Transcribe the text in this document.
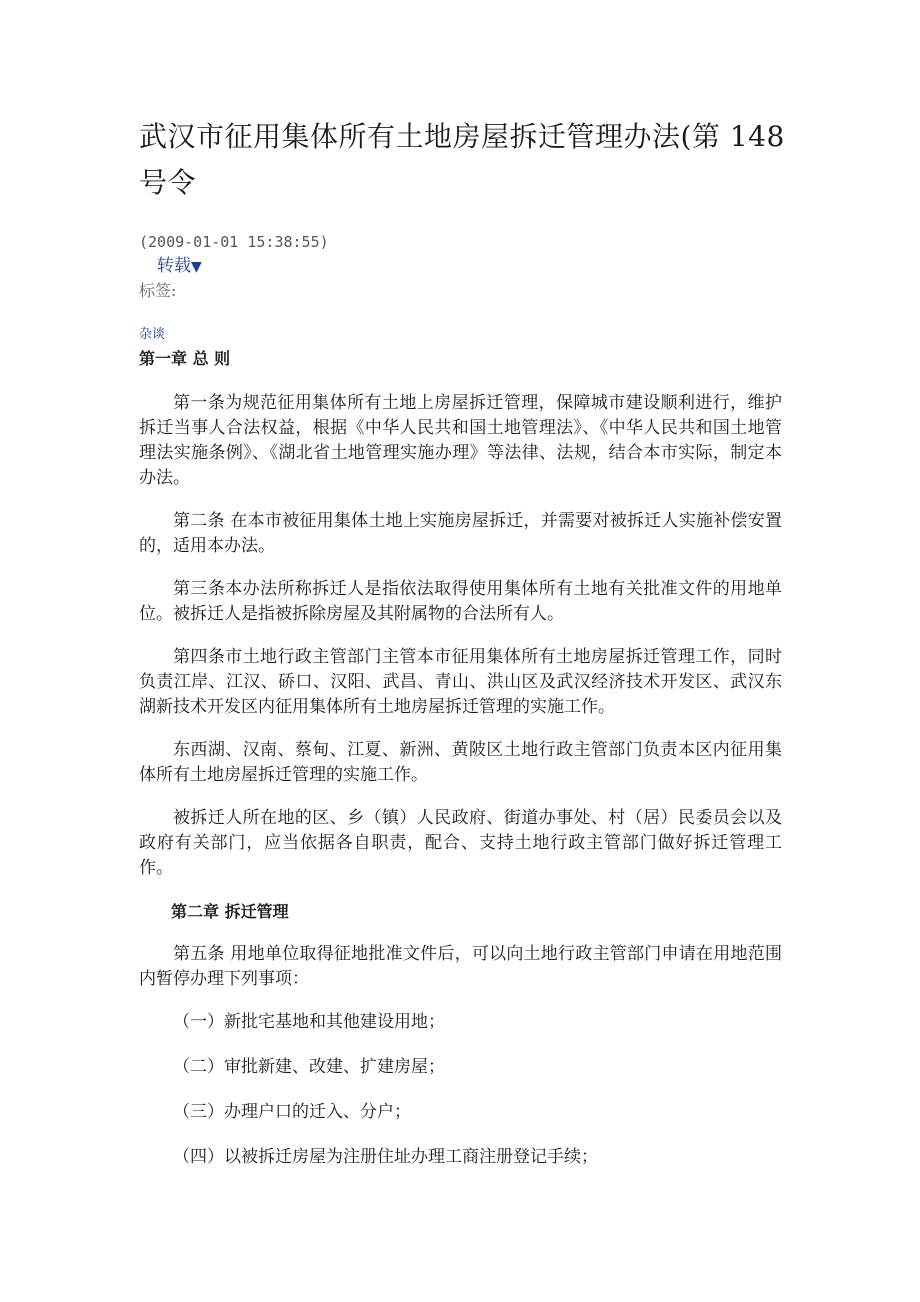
武汉市征用集体所有土地房屋拆迁管理办法(第 148 号令
(2009-01-01 15:38:55)
转载▼
标签:
杂谈

第一章 总 则

第一条为规范征用集体所有土地上房屋拆迁管理，保障城市建设顺利进行，维护拆迁当事人合法权益，根据《中华人民共和国土地管理法》、《中华人民共和国土地管理法实施条例》、《湖北省土地管理实施办理》等法律、法规，结合本市实际，制定本办法。

第二条 在本市被征用集体土地上实施房屋拆迁，并需要对被拆迁人实施补偿安置的，适用本办法。

第三条本办法所称拆迁人是指依法取得使用集体所有土地有关批准文件的用地单位。被拆迁人是指被拆除房屋及其附属物的合法所有人。

第四条市土地行政主管部门主管本市征用集体所有土地房屋拆迁管理工作，同时负责江岸、江汉、硚口、汉阳、武昌、青山、洪山区及武汉经济技术开发区、武汉东湖新技术开发区内征用集体所有土地房屋拆迁管理的实施工作。

东西湖、汉南、蔡甸、江夏、新洲、黄陂区土地行政主管部门负责本区内征用集体所有土地房屋拆迁管理的实施工作。

被拆迁人所在地的区、乡（镇）人民政府、街道办事处、村（居）民委员会以及政府有关部门，应当依据各自职责，配合、支持土地行政主管部门做好拆迁管理工作。

第二章 拆迁管理

第五条 用地单位取得征地批准文件后，可以向土地行政主管部门申请在用地范围内暂停办理下列事项：

（一）新批宅基地和其他建设用地；

（二）审批新建、改建、扩建房屋；

（三）办理户口的迁入、分户；

（四）以被拆迁房屋为注册住址办理工商注册登记手续；
